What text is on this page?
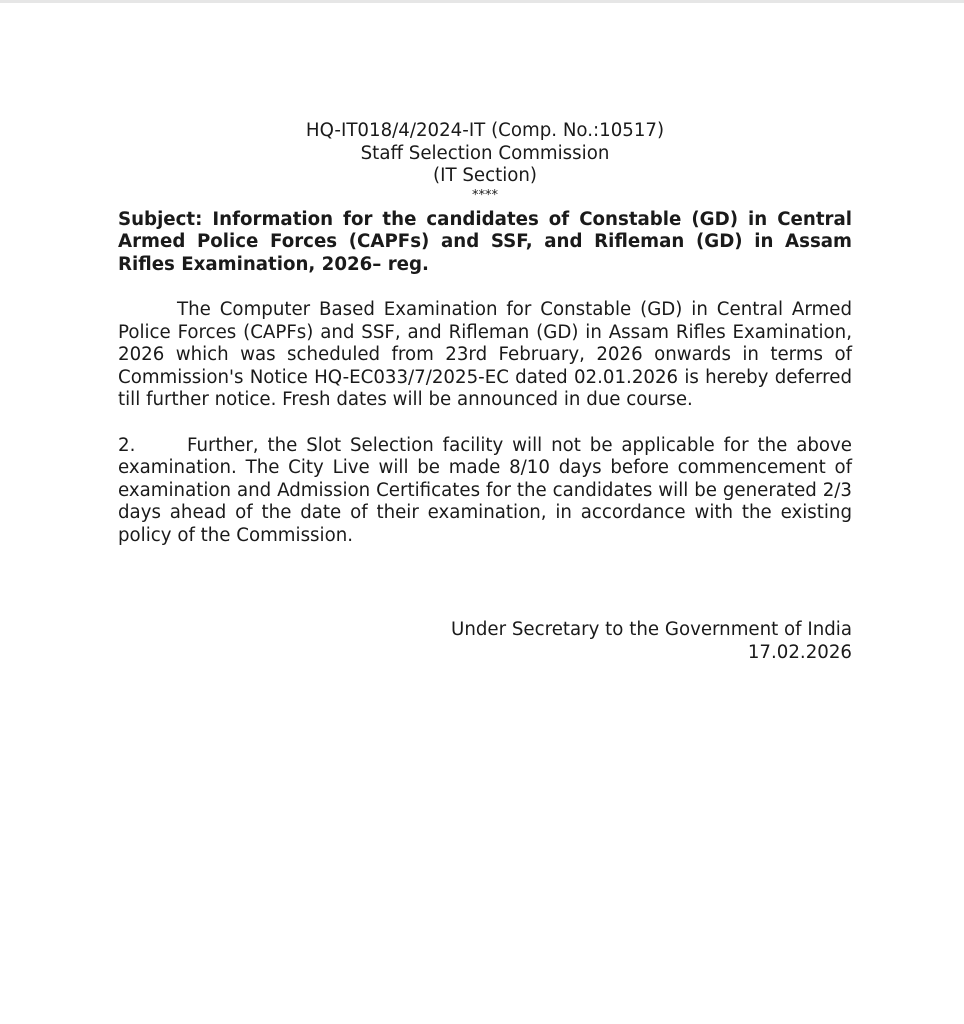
HQ-IT018/4/2024-IT (Comp. No.:10517)
Staff Selection Commission
(IT Section)
****

Subject: Information for the candidates of Constable (GD) in Central Armed Police Forces (CAPFs) and SSF, and Rifleman (GD) in Assam Rifles Examination, 2026– reg.

The Computer Based Examination for Constable (GD) in Central Armed Police Forces (CAPFs) and SSF, and Rifleman (GD) in Assam Rifles Examination, 2026 which was scheduled from 23rd February, 2026 onwards in terms of Commission's Notice HQ-EC033/7/2025-EC dated 02.01.2026 is hereby deferred till further notice. Fresh dates will be announced in due course.

2.	Further, the Slot Selection facility will not be applicable for the above examination. The City Live will be made 8/10 days before commencement of examination and Admission Certificates for the candidates will be generated 2/3 days ahead of the date of their examination, in accordance with the existing policy of the Commission.

Under Secretary to the Government of India
17.02.2026
